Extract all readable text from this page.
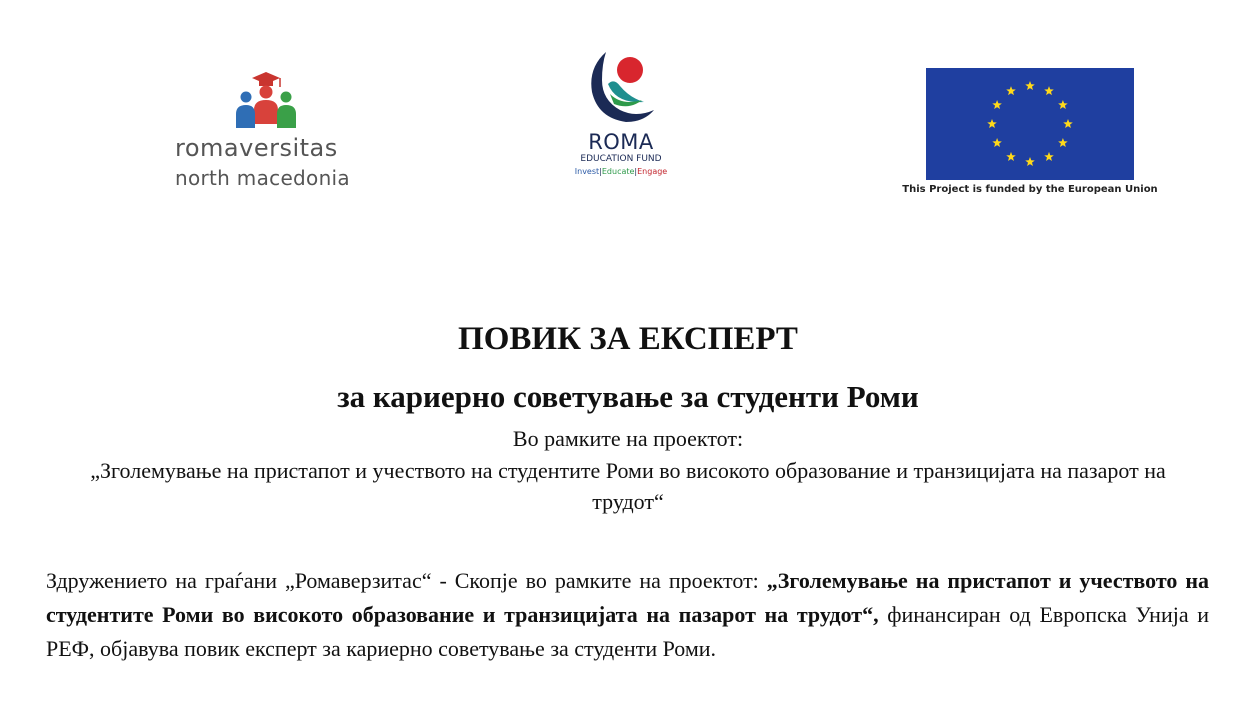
romaversitas
north macedonia
ROMA
EDUCATION FUND
Invest|Educate|Engage
This Project is funded by the European Union
ПОВИК ЗА ЕКСПЕРТ
за кариерно советување за студенти Роми
Во рамките на проектот:
„Зголемување на пристапот и учеството на студентите Роми во високото образование и транзицијата на пазарот на трудот“

Здружението на граѓани „Ромаверзитас“ - Скопје во рамките на проектот: „Зголемување на пристапот и учеството на студентите Роми во високото образование и транзицијата на пазарот на трудот“, финансиран од Европска Унија и РЕФ, објавува повик експерт за кариерно советување за студенти Роми.
